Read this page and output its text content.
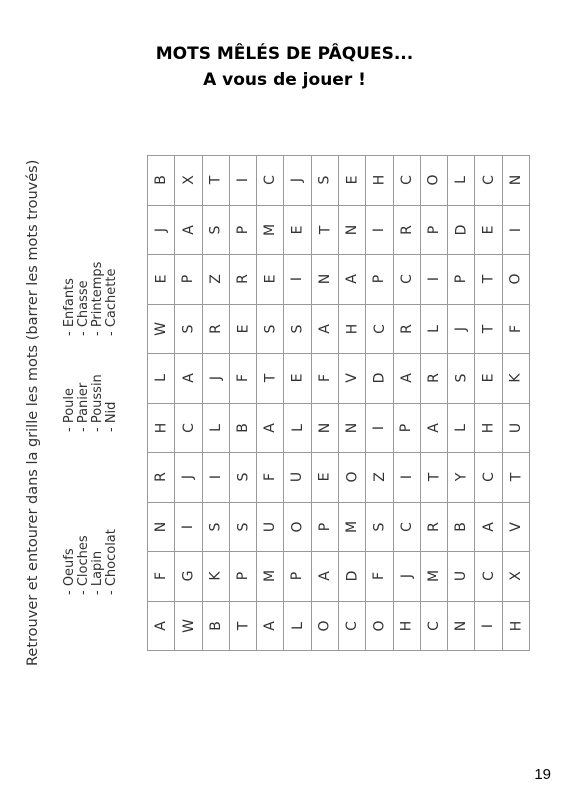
MOTS MÊLÉS DE PÂQUES...
A vous de jouer !

Retrouver et entourer dans la grille les mots (barrer les mots trouvés) - Oeufs - Cloches - Lapin - Chocolat
- Poule - Panier - Poussin - Nid
- Enfants - Chasse - Printemps - Cachette
B X T I C J S E H C O L C N
J A S P M E T N I R P D E I
E P Z R E I N A P C I P T O
W S R E S S A H C R L J T F
L A J F T E F V D A R S E K
H C L B A L N N I P A L H U
R J I S F U E O Z I T Y C T
N I S S U O P M S C R B A V
F G K P M P A D F J M U C X
A W B T A L O C O H C N I H

19
